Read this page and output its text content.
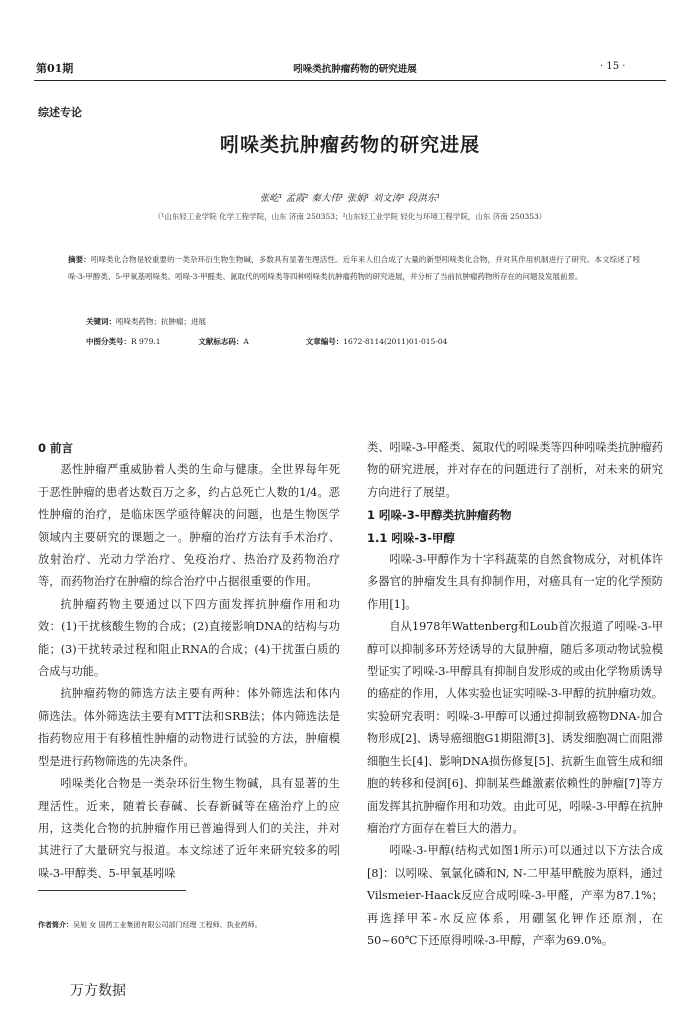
第01期	吲哚类抗肿瘤药物的研究进展	· 15 ·
综述专论
吲哚类抗肿瘤药物的研究进展
张屹¹ 孟霞² 秦大伟¹ 张娟¹ 刘文涛¹ 段洪东¹
（¹山东轻工业学院 化学工程学院，山东 济南 250353；²山东轻工业学院 轻化与环境工程学院，山东 济南 250353）
摘要：吲哚类化合物是较重要的一类杂环衍生物生物碱，多数具有显著生理活性。近年来人们合成了大量的新型吲哚类化合物，并对其作用机制进行了研究。本文综述了吲哚-3-甲醇类、5-甲氧基吲哚类、吲哚-3-甲醛类、氮取代的吲哚类等四种吲哚类抗肿瘤药物的研究进展，并分析了当前抗肿瘤药物所存在的问题及发展前景。
关键词：吲哚类药物；抗肿瘤；进展
中图分类号：R 979.1	文献标志码：A	文章编号：1672-8114(2011)01-015-04
0 前言

恶性肿瘤严重威胁着人类的生命与健康。全世界每年死于恶性肿瘤的患者达数百万之多，约占总死亡人数的1/4。恶性肿瘤的治疗，是临床医学亟待解决的问题，也是生物医学领域内主要研究的课题之一。肿瘤的治疗方法有手术治疗、放射治疗、光动力学治疗、免疫治疗、热治疗及药物治疗等，而药物治疗在肿瘤的综合治疗中占据很重要的作用。

抗肿瘤药物主要通过以下四方面发挥抗肿瘤作用和功效：(1)干扰核酸生物的合成；(2)直接影响DNA的结构与功能；(3)干扰转录过程和阻止RNA的合成；(4)干扰蛋白质的合成与功能。

抗肿瘤药物的筛选方法主要有两种：体外筛选法和体内筛选法。体外筛选法主要有MTT法和SRB法；体内筛选法是指药物应用于有移植性肿瘤的动物进行试验的方法，肿瘤模型是进行药物筛选的先决条件。

吲哚类化合物是一类杂环衍生物生物碱，具有显著的生理活性。近来，随着长春碱、长春新碱等在癌治疗上的应用，这类化合物的抗肿瘤作用已普遍得到人们的关注，并对其进行了大量研究与报道。本文综述了近年来研究较多的吲哚-3-甲醇类、5-甲氧基吲哚

类、吲哚-3-甲醛类、氮取代的吲哚类等四种吲哚类抗肿瘤药物的研究进展，并对存在的问题进行了剖析，对未来的研究方向进行了展望。

1 吲哚-3-甲醇类抗肿瘤药物
1.1 吲哚-3-甲醇

吲哚-3-甲醇作为十字科蔬菜的自然食物成分，对机体许多器官的肿瘤发生具有抑制作用，对癌具有一定的化学预防作用[1]。

自从1978年Wattenberg和Loub首次报道了吲哚-3-甲醇可以抑制多环芳烃诱导的大鼠肿瘤，随后多项动物试验模型证实了吲哚-3-甲醇具有抑制自发形成的或由化学物质诱导的癌症的作用，人体实验也证实吲哚-3-甲醇的抗肿瘤功效。实验研究表明：吲哚-3-甲醇可以通过抑制致癌物DNA-加合物形成[2]、诱导癌细胞G1期阻滞[3]、诱发细胞凋亡而阻滞细胞生长[4]、影响DNA损伤修复[5]、抗新生血管生成和细胞的转移和侵润[6]、抑制某些雌激素依赖性的肿瘤[7]等方面发挥其抗肿瘤作用和功效。由此可见，吲哚-3-甲醇在抗肿瘤治疗方面存在着巨大的潜力。

吲哚-3-甲醇(结构式如图1所示)可以通过以下方法合成[8]：以吲哚、氧氯化磷和N, N-二甲基甲酰胺为原料，通过Vilsmeier-Haack反应合成吲哚-3-甲醛，产率为87.1%；再选择甲苯-水反应体系，用硼氢化钾作还原剂，在50~60℃下还原得吲哚-3-甲醇，产率为69.0%。

作者简介：吴旭 女 国药工业集团有限公司部门经理 工程师、执业药师。
万方数据
